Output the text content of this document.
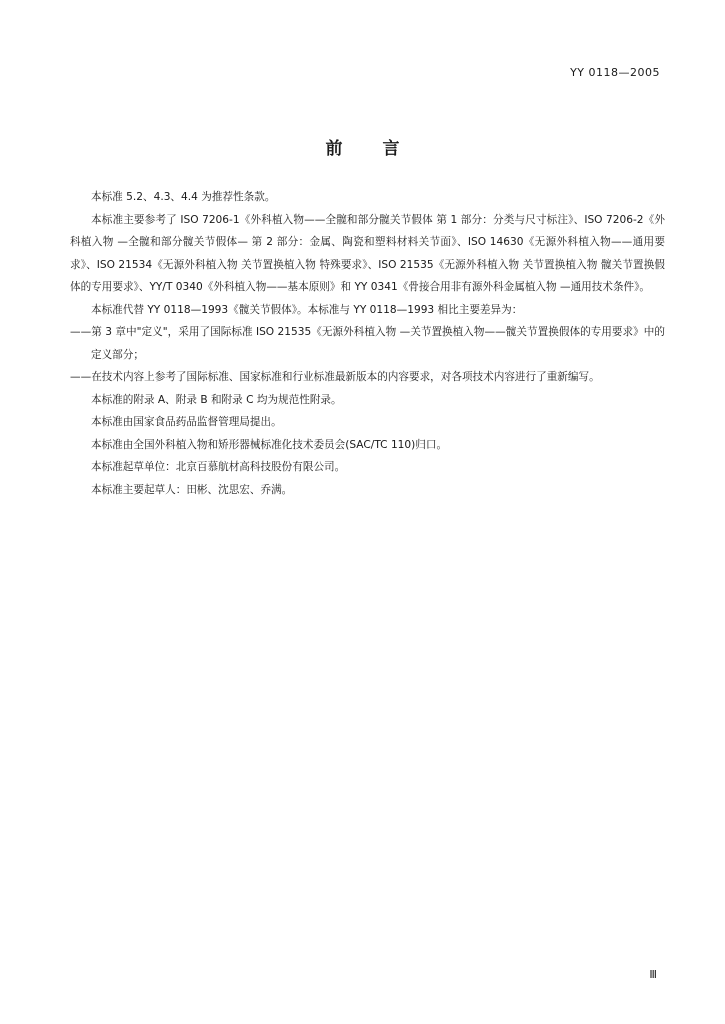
YY 0118—2005
前 言

本标准 5.2、4.3、4.4 为推荐性条款。

本标准主要参考了 ISO 7206-1《外科植入物——全髋和部分髋关节假体 第 1 部分：分类与尺寸标注》、ISO 7206-2《外科植入物 —全髋和部分髋关节假体— 第 2 部分：金属、陶瓷和塑料材料关节面》、ISO 14630《无源外科植入物——通用要求》、ISO 21534《无源外科植入物 关节置换植入物 特殊要求》、ISO 21535《无源外科植入物 关节置换植入物 髋关节置换假体的专用要求》、YY/T 0340《外科植入物——基本原则》和 YY 0341《骨接合用非有源外科金属植入物 —通用技术条件》。

本标准代替 YY 0118—1993《髋关节假体》。本标准与 YY 0118—1993 相比主要差异为：

——第 3 章中"定义"，采用了国际标准 ISO 21535《无源外科植入物 —关节置换植入物——髋关节置换假体的专用要求》中的定义部分；

——在技术内容上参考了国际标准、国家标准和行业标准最新版本的内容要求，对各项技术内容进行了重新编写。

本标准的附录 A、附录 B 和附录 C 均为规范性附录。

本标准由国家食品药品监督管理局提出。

本标准由全国外科植入物和矫形器械标准化技术委员会(SAC/TC 110)归口。

本标准起草单位：北京百慕航材高科技股份有限公司。

本标准主要起草人：田彬、沈思宏、乔满。

Ⅲ
